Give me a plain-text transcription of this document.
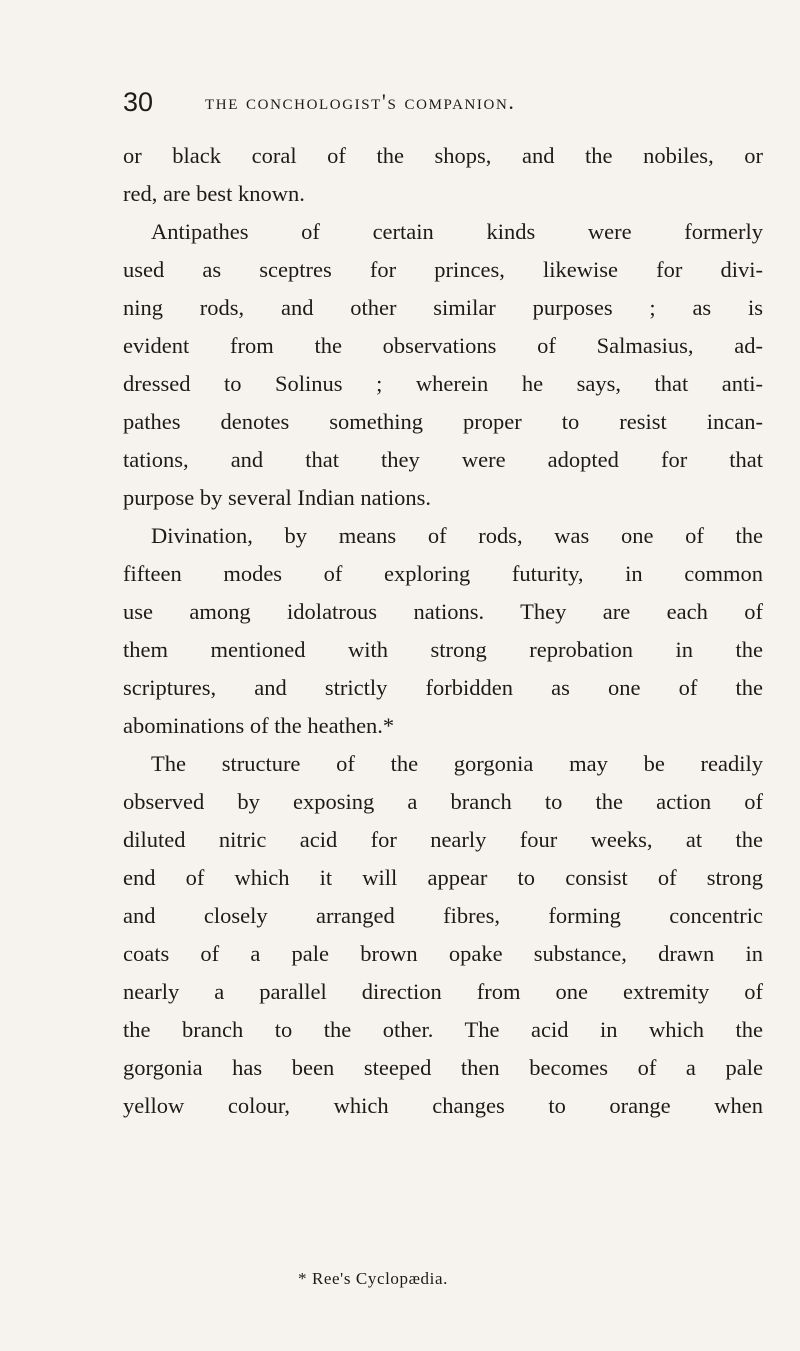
30 the conchologist's companion.
or black coral of the shops, and the nobiles, or
red, are best known.
Antipathes of certain kinds were formerly
used as sceptres for princes, likewise for divi-
ning rods, and other similar purposes ; as is
evident from the observations of Salmasius, ad-
dressed to Solinus ; wherein he says, that anti-
pathes denotes something proper to resist incan-
tations, and that they were adopted for that
purpose by several Indian nations.
Divination, by means of rods, was one of the
fifteen modes of exploring futurity, in common
use among idolatrous nations. They are each of
them mentioned with strong reprobation in the
scriptures, and strictly forbidden as one of the
abominations of the heathen.*
The structure of the gorgonia may be readily
observed by exposing a branch to the action of
diluted nitric acid for nearly four weeks, at the
end of which it will appear to consist of strong
and closely arranged fibres, forming concentric
coats of a pale brown opake substance, drawn in
nearly a parallel direction from one extremity of
the branch to the other. The acid in which the
gorgonia has been steeped then becomes of a pale
yellow colour, which changes to orange when
* Ree's Cyclopædia.
